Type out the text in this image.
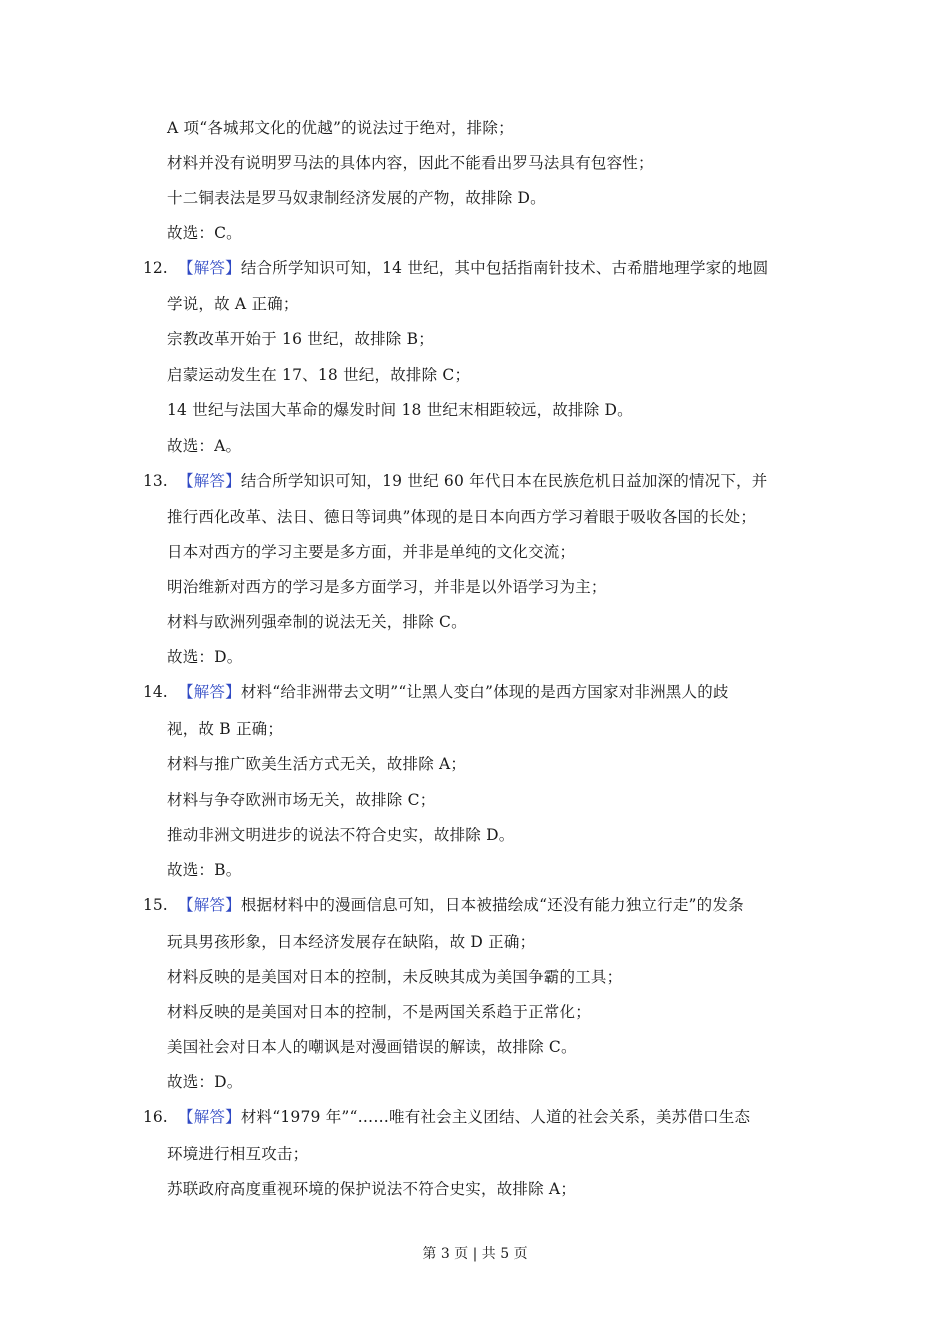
A 项“各城邦文化的优越”的说法过于绝对，排除；
材料并没有说明罗马法的具体内容，因此不能看出罗马法具有包容性；
十二铜表法是罗马奴隶制经济发展的产物，故排除 D。
故选：C。
12. 【解答】结合所学知识可知，14 世纪，其中包括指南针技术、古希腊地理学家的地圆
学说，故 A 正确；
宗教改革开始于 16 世纪，故排除 B；
启蒙运动发生在 17、18 世纪，故排除 C；
14 世纪与法国大革命的爆发时间 18 世纪末相距较远，故排除 D。
故选：A。
13. 【解答】结合所学知识可知，19 世纪 60 年代日本在民族危机日益加深的情况下，并
推行西化改革、法日、德日等词典”体现的是日本向西方学习着眼于吸收各国的长处；
日本对西方的学习主要是多方面，并非是单纯的文化交流；
明治维新对西方的学习是多方面学习，并非是以外语学习为主；
材料与欧洲列强牵制的说法无关，排除 C。
故选：D。
14. 【解答】材料“给非洲带去文明”“让黑人变白”体现的是西方国家对非洲黑人的歧
视，故 B 正确；
材料与推广欧美生活方式无关，故排除 A；
材料与争夺欧洲市场无关，故排除 C；
推动非洲文明进步的说法不符合史实，故排除 D。
故选：B。
15. 【解答】根据材料中的漫画信息可知，日本被描绘成“还没有能力独立行走”的发条
玩具男孩形象，日本经济发展存在缺陷，故 D 正确；
材料反映的是美国对日本的控制，未反映其成为美国争霸的工具；
材料反映的是美国对日本的控制，不是两国关系趋于正常化；
美国社会对日本人的嘲讽是对漫画错误的解读，故排除 C。
故选：D。
16. 【解答】材料“1979 年”“……唯有社会主义团结、人道的社会关系，美苏借口生态
环境进行相互攻击；
苏联政府高度重视环境的保护说法不符合史实，故排除 A；
第 3 页 | 共 5 页
